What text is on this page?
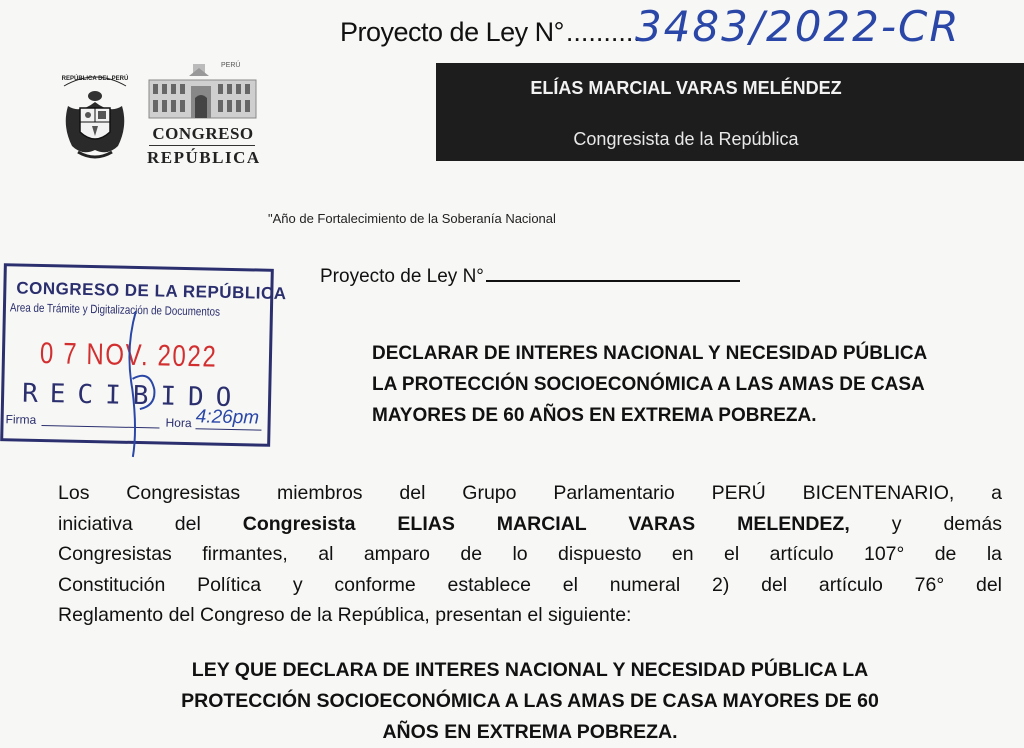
Proyecto de Ley N° ..........
3483/2022-CR
REPÚBLICA DEL PERÚ
PERÚ
CONGRESO
REPÚBLICA
ELÍAS MARCIAL VARAS MELÉNDEZ
Congresista de la República
"Año de Fortalecimiento de la Soberanía Nacional
CONGRESO DE LA REPÚBLICA
Area de Trámite y Digitalización de Documentos
0 7 NOV. 2022
RECIBIDO
Firma	Hora 4:26pm
Proyecto de Ley N°
DECLARAR DE INTERES NACIONAL Y NECESIDAD PÚBLICA
LA PROTECCIÓN SOCIOECONÓMICA A LAS AMAS DE CASA
MAYORES DE 60 AÑOS EN EXTREMA POBREZA.
Los Congresistas miembros del Grupo Parlamentario PERÚ BICENTENARIO, a
iniciativa del Congresista ELIAS MARCIAL VARAS MELENDEZ, y demás
Congresistas firmantes, al amparo de lo dispuesto en el artículo 107° de la
Constitución Política y conforme establece el numeral 2) del artículo 76° del
Reglamento del Congreso de la República, presentan el siguiente:
LEY QUE DECLARA DE INTERES NACIONAL Y NECESIDAD PÚBLICA LA
PROTECCIÓN SOCIOECONÓMICA A LAS AMAS DE CASA MAYORES DE 60
AÑOS EN EXTREMA POBREZA.
